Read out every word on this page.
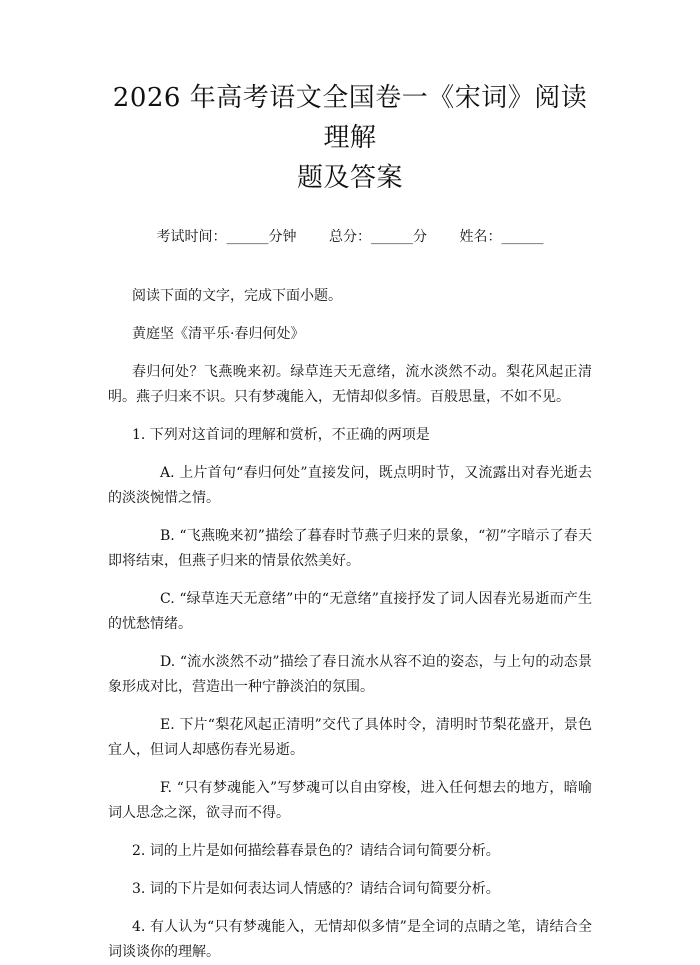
2026 年高考语文全国卷一《宋词》阅读理解
题及答案
考试时间：______分钟 总分：______分 姓名：______

阅读下面的文字，完成下面小题。

黄庭坚《清平乐·春归何处》

春归何处？飞燕晚来初。绿草连天无意绪，流水淡然不动。梨花风起正清明。燕子归来不识。只有梦魂能入，无情却似多情。百般思量，不如不见。

1. 下列对这首词的理解和赏析，不正确的两项是

A. 上片首句“春归何处”直接发问，既点明时节，又流露出对春光逝去的淡淡惋惜之情。

B. “飞燕晚来初”描绘了暮春时节燕子归来的景象，“初”字暗示了春天即将结束，但燕子归来的情景依然美好。

C. “绿草连天无意绪”中的“无意绪”直接抒发了词人因春光易逝而产生的忧愁情绪。

D. “流水淡然不动”描绘了春日流水从容不迫的姿态，与上句的动态景象形成对比，营造出一种宁静淡泊的氛围。

E. 下片“梨花风起正清明”交代了具体时令，清明时节梨花盛开，景色宜人，但词人却感伤春光易逝。

F. “只有梦魂能入”写梦魂可以自由穿梭，进入任何想去的地方，暗喻词人思念之深，欲寻而不得。

2. 词的上片是如何描绘暮春景色的？请结合词句简要分析。

3. 词的下片是如何表达词人情感的？请结合词句简要分析。

4. 有人认为“只有梦魂能入，无情却似多情”是全词的点睛之笔，请结合全词谈谈你的理解。
